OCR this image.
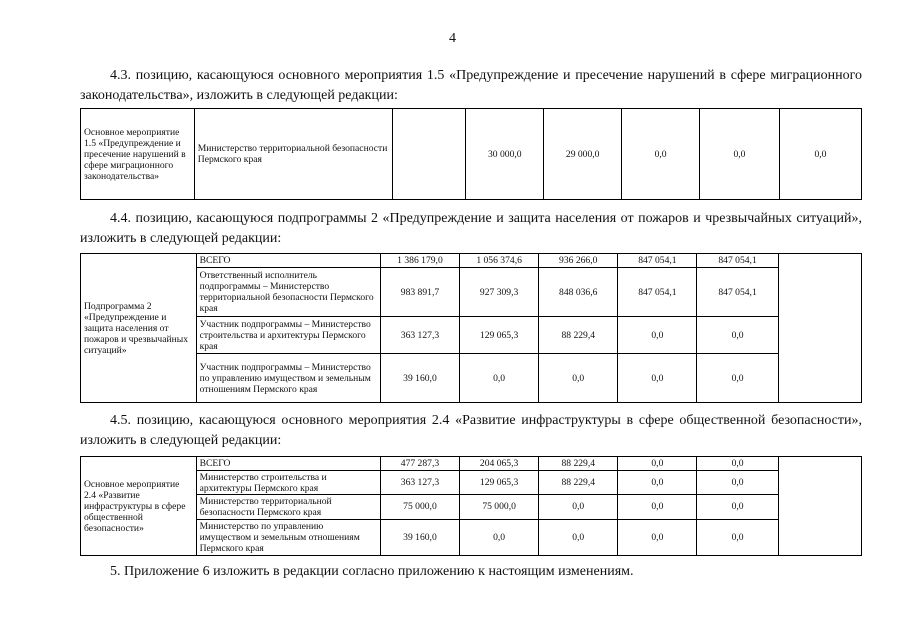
4
4.3. позицию, касающуюся основного мероприятия 1.5 «Предупреждение и пресечение нарушений в сфере миграционного законодательства», изложить в следующей редакции:
Основное мероприятие 1.5 «Предупреждение и пресечение нарушений в сфере миграционного законодательства»	Министерство территориальной безопасности Пермского края		30 000,0	29 000,0	0,0	0,0	0,0
4.4. позицию, касающуюся подпрограммы 2 «Предупреждение и защита населения от пожаров и чрезвычайных ситуаций», изложить в следующей редакции:
Подпрограмма 2 «Предупреждение и защита населения от пожаров и чрезвычайных ситуаций»	ВСЕГО	1 386 179,0	1 056 374,6	936 266,0	847 054,1	847 054,1
	Ответственный исполнитель подпрограммы – Министерство территориальной безопасности Пермского края	983 891,7	927 309,3	848 036,6	847 054,1	847 054,1
	Участник подпрограммы – Министерство строительства и архитектуры Пермского края	363 127,3	129 065,3	88 229,4	0,0	0,0
	Участник подпрограммы – Министерство по управлению имуществом и земельным отношениям Пермского края	39 160,0	0,0	0,0	0,0	0,0
4.5. позицию, касающуюся основного мероприятия 2.4 «Развитие инфраструктуры в сфере общественной безопасности», изложить в следующей редакции:
Основное мероприятие 2.4 «Развитие инфраструктуры в сфере общественной безопасности»	ВСЕГО	477 287,3	204 065,3	88 229,4	0,0	0,0
	Министерство строительства и архитектуры Пермского края	363 127,3	129 065,3	88 229,4	0,0	0,0
	Министерство территориальной безопасности Пермского края	75 000,0	75 000,0	0,0	0,0	0,0
	Министерство по управлению имуществом и земельным отношениям Пермского края	39 160,0	0,0	0,0	0,0	0,0
5. Приложение 6 изложить в редакции согласно приложению к настоящим изменениям.
